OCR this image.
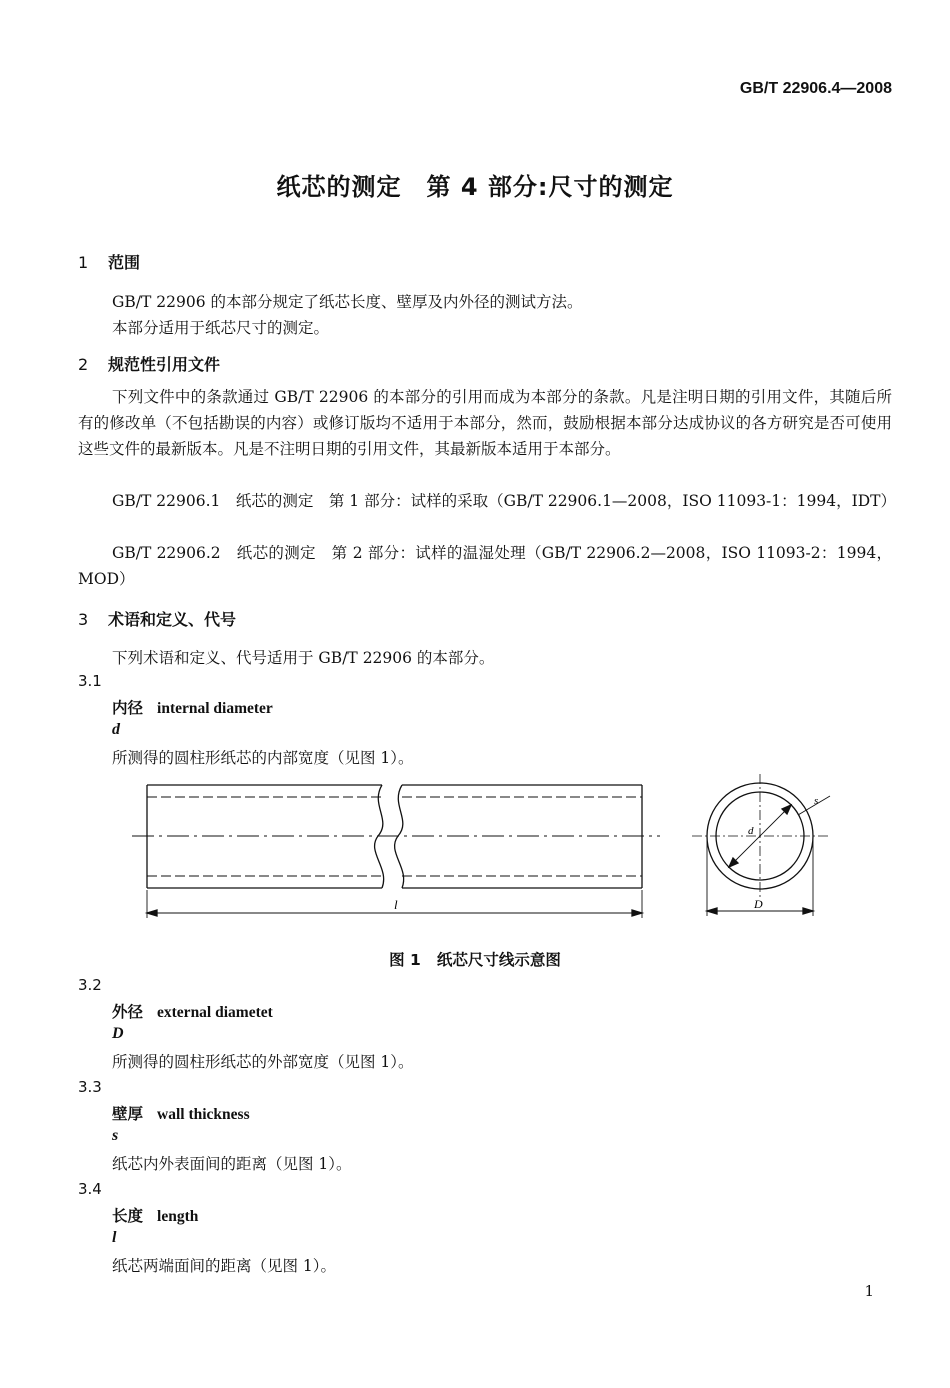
GB/T 22906.4—2008
纸芯的测定　第 4 部分:尺寸的测定
1 范围
GB/T 22906 的本部分规定了纸芯长度、壁厚及内外径的测试方法。
本部分适用于纸芯尺寸的测定。
2 规范性引用文件
下列文件中的条款通过 GB/T 22906 的本部分的引用而成为本部分的条款。凡是注明日期的引用文件，其随后所有的修改单（不包括勘误的内容）或修订版均不适用于本部分，然而，鼓励根据本部分达成协议的各方研究是否可使用这些文件的最新版本。凡是不注明日期的引用文件，其最新版本适用于本部分。
GB/T 22906.1　纸芯的测定　第 1 部分：试样的采取（GB/T 22906.1—2008，ISO 11093-1：1994，IDT）
GB/T 22906.2　纸芯的测定　第 2 部分：试样的温湿处理（GB/T 22906.2—2008，ISO 11093-2：1994，MOD）
3 术语和定义、代号
下列术语和定义、代号适用于 GB/T 22906 的本部分。
3.1
内径 internal diameter
d
所测得的圆柱形纸芯的内部宽度（见图 1）。
l
d
s
D
图 1 纸芯尺寸线示意图
3.2
外径 external diametet
D
所测得的圆柱形纸芯的外部宽度（见图 1）。
3.3
壁厚 wall thickness
s
纸芯内外表面间的距离（见图 1）。
3.4
长度 length
l
纸芯两端面间的距离（见图 1）。
1
